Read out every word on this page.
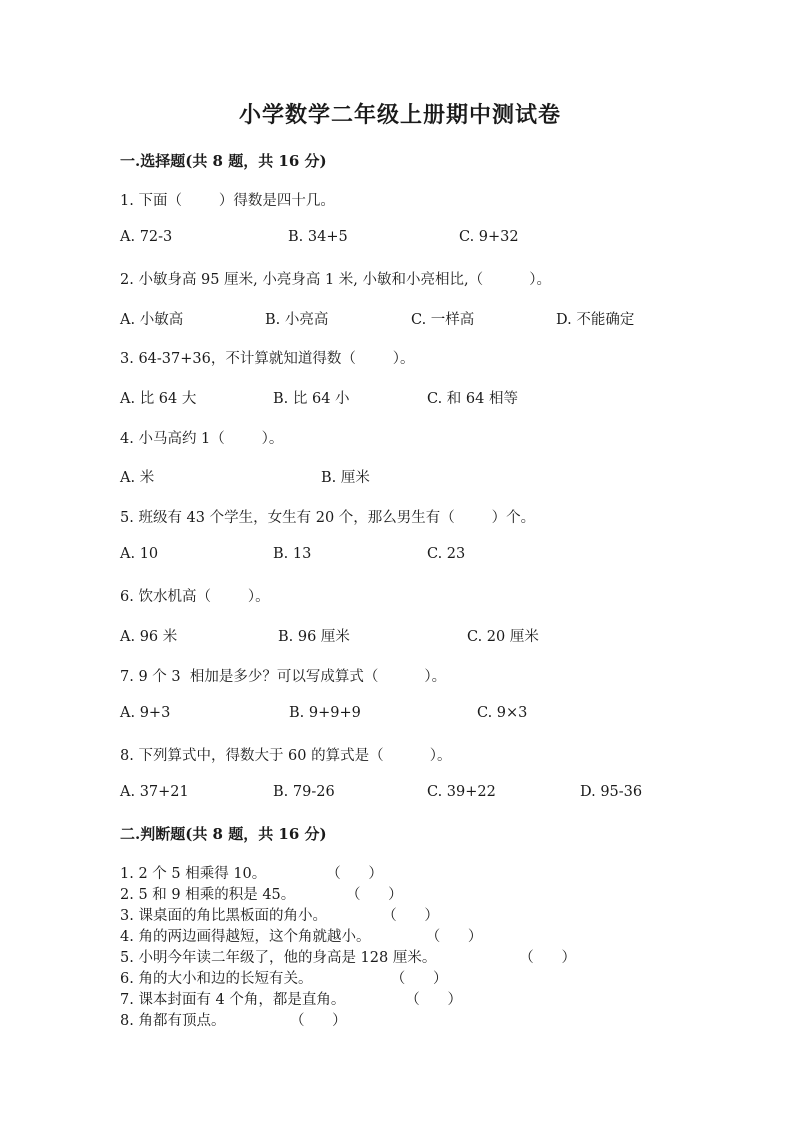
小学数学二年级上册期中测试卷
一.选择题(共 8 题，共 16 分)
1. 下面（        ）得数是四十几。
A. 72-3	B. 34+5	C. 9+32
2. 小敏身高 95 厘米, 小亮身高 1 米, 小敏和小亮相比,（          ）。
A. 小敏高	B. 小亮高	C. 一样高	D. 不能确定
3. 64-37+36，不计算就知道得数（        ）。
A. 比 64 大	B. 比 64 小	C. 和 64 相等
4. 小马高约 1（        ）。
A. 米	B. 厘米
5. 班级有 43 个学生，女生有 20 个，那么男生有（        ）个。
A. 10	B. 13	C. 23
6. 饮水机高（        ）。
A. 96 米	B. 96 厘米	C. 20 厘米
7. 9 个 3  相加是多少？可以写成算式（          ）。
A. 9+3	B. 9+9+9	C. 9×3
8. 下列算式中，得数大于 60 的算式是（          ）。
A. 37+21	B. 79-26	C. 39+22	D. 95-36
二.判断题(共 8 题，共 16 分)
1. 2 个 5 相乘得 10。             （      ）
2. 5 和 9 相乘的积是 45。           （      ）
3. 课桌面的角比黑板面的角小。            （      ）
4. 角的两边画得越短，这个角就越小。            （      ）
5. 小明今年读二年级了，他的身高是 128 厘米。                  （      ）
6. 角的大小和边的长短有关。                 （      ）
7. 课本封面有 4 个角，都是直角。             （      ）
8. 角都有顶点。              （      ）
